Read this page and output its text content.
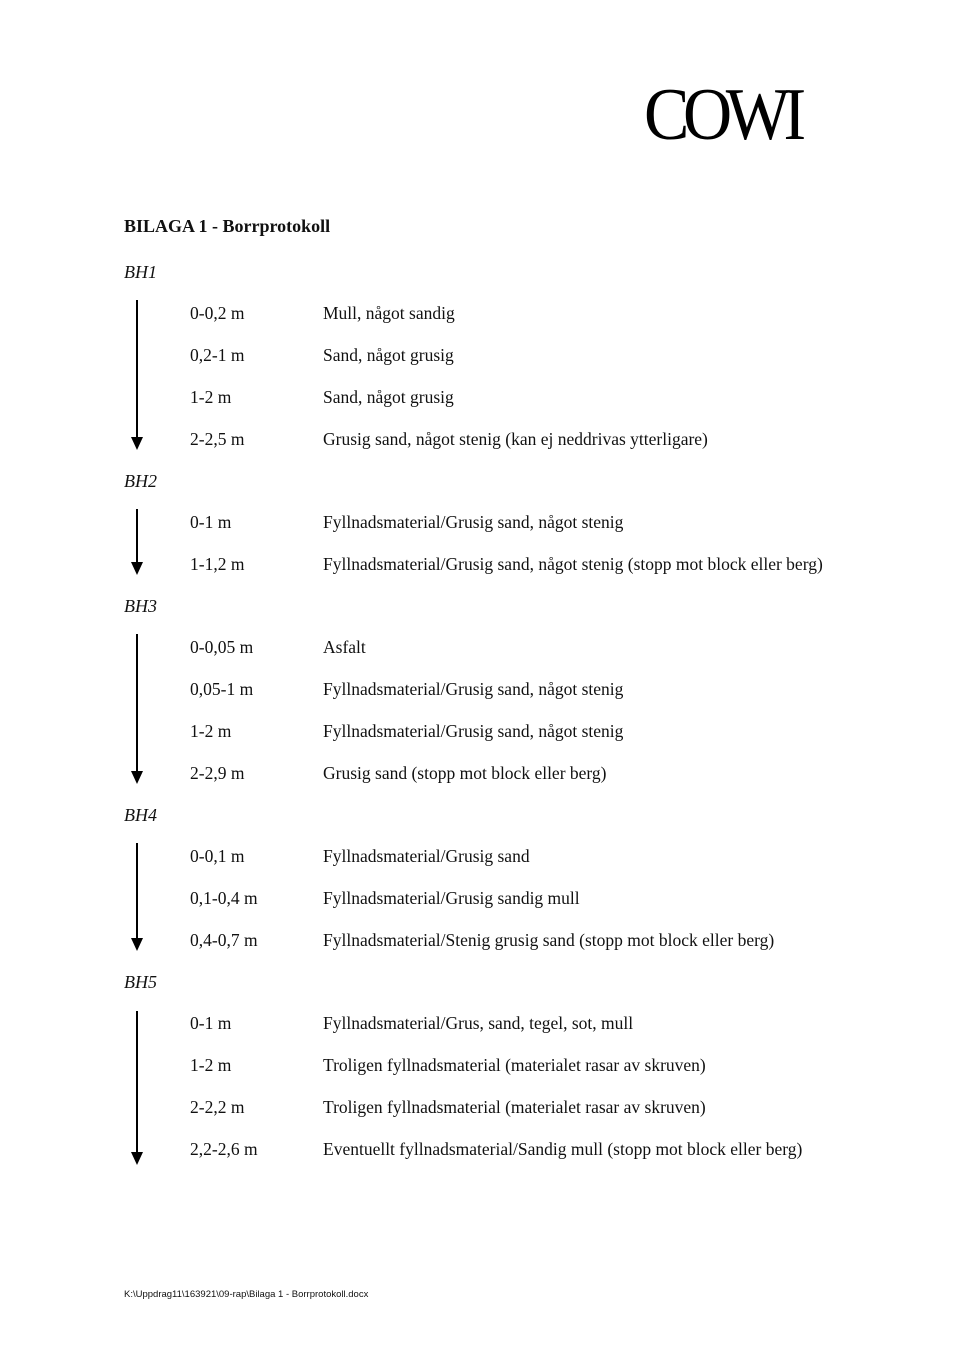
COWI
BILAGA 1 - Borrprotokoll
BH1
0-0,2 m	Mull, något sandig
0,2-1 m	Sand, något grusig
1-2 m	Sand, något grusig
2-2,5 m	Grusig sand, något stenig (kan ej neddrivas ytterligare)
BH2
0-1 m	Fyllnadsmaterial/Grusig sand, något stenig
1-1,2 m	Fyllnadsmaterial/Grusig sand, något stenig (stopp mot block eller berg)
BH3
0-0,05 m	Asfalt
0,05-1 m	Fyllnadsmaterial/Grusig sand, något stenig
1-2 m	Fyllnadsmaterial/Grusig sand, något stenig
2-2,9 m	Grusig sand (stopp mot block eller berg)
BH4
0-0,1 m	Fyllnadsmaterial/Grusig sand
0,1-0,4 m	Fyllnadsmaterial/Grusig sandig mull
0,4-0,7 m	Fyllnadsmaterial/Stenig grusig sand (stopp mot block eller berg)
BH5
0-1 m	Fyllnadsmaterial/Grus, sand, tegel, sot, mull
1-2 m	Troligen fyllnadsmaterial (materialet rasar av skruven)
2-2,2 m	Troligen fyllnadsmaterial (materialet rasar av skruven)
2,2-2,6 m	Eventuellt fyllnadsmaterial/Sandig mull (stopp mot block eller berg)
K:\Uppdrag11\163921\09-rap\Bilaga 1 - Borrprotokoll.docx
